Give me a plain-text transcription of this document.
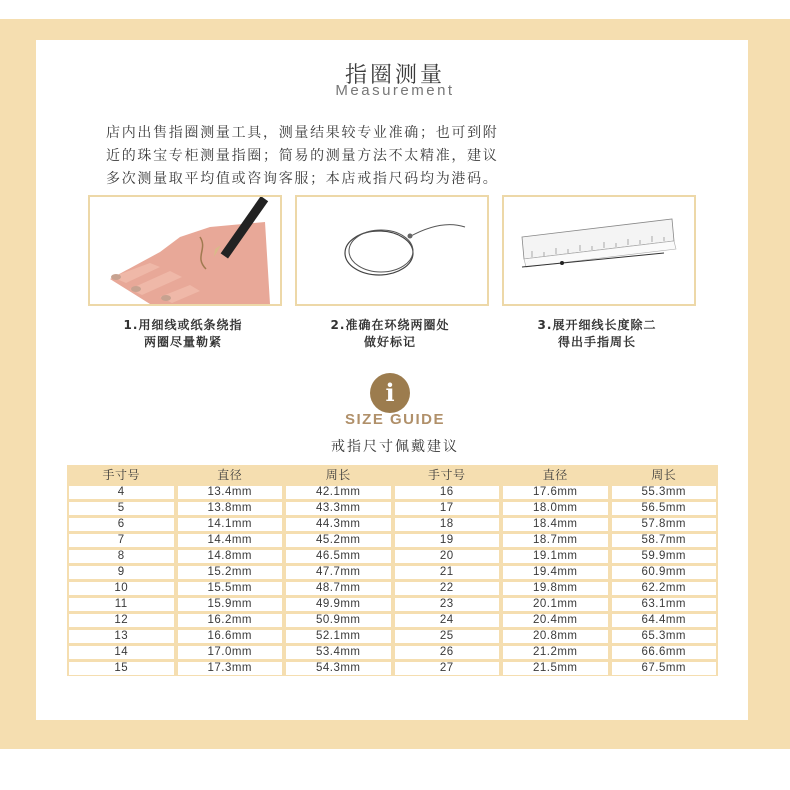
指圈测量
Measurement
店内出售指圈测量工具，测量结果较专业准确；也可到附
近的珠宝专柜测量指圈；简易的测量方法不太精准，建议
多次测量取平均值或咨询客服；本店戒指尺码均为港码。
1.用细线或纸条绕指
两圈尽量勒紧
2.准确在环绕两圈处
做好标记
3.展开细线长度除二
得出手指周长
i
SIZE GUIDE
戒指尺寸佩戴建议
手寸号	直径	周长	手寸号	直径	周长

4	13.4mm	42.1mm	16	17.6mm	55.3mm

5	13.8mm	43.3mm	17	18.0mm	56.5mm

6	14.1mm	44.3mm	18	18.4mm	57.8mm

7	14.4mm	45.2mm	19	18.7mm	58.7mm

8	14.8mm	46.5mm	20	19.1mm	59.9mm

9	15.2mm	47.7mm	21	19.4mm	60.9mm

10	15.5mm	48.7mm	22	19.8mm	62.2mm

11	15.9mm	49.9mm	23	20.1mm	63.1mm

12	16.2mm	50.9mm	24	20.4mm	64.4mm

13	16.6mm	52.1mm	25	20.8mm	65.3mm

14	17.0mm	53.4mm	26	21.2mm	66.6mm

15	17.3mm	54.3mm	27	21.5mm	67.5mm
